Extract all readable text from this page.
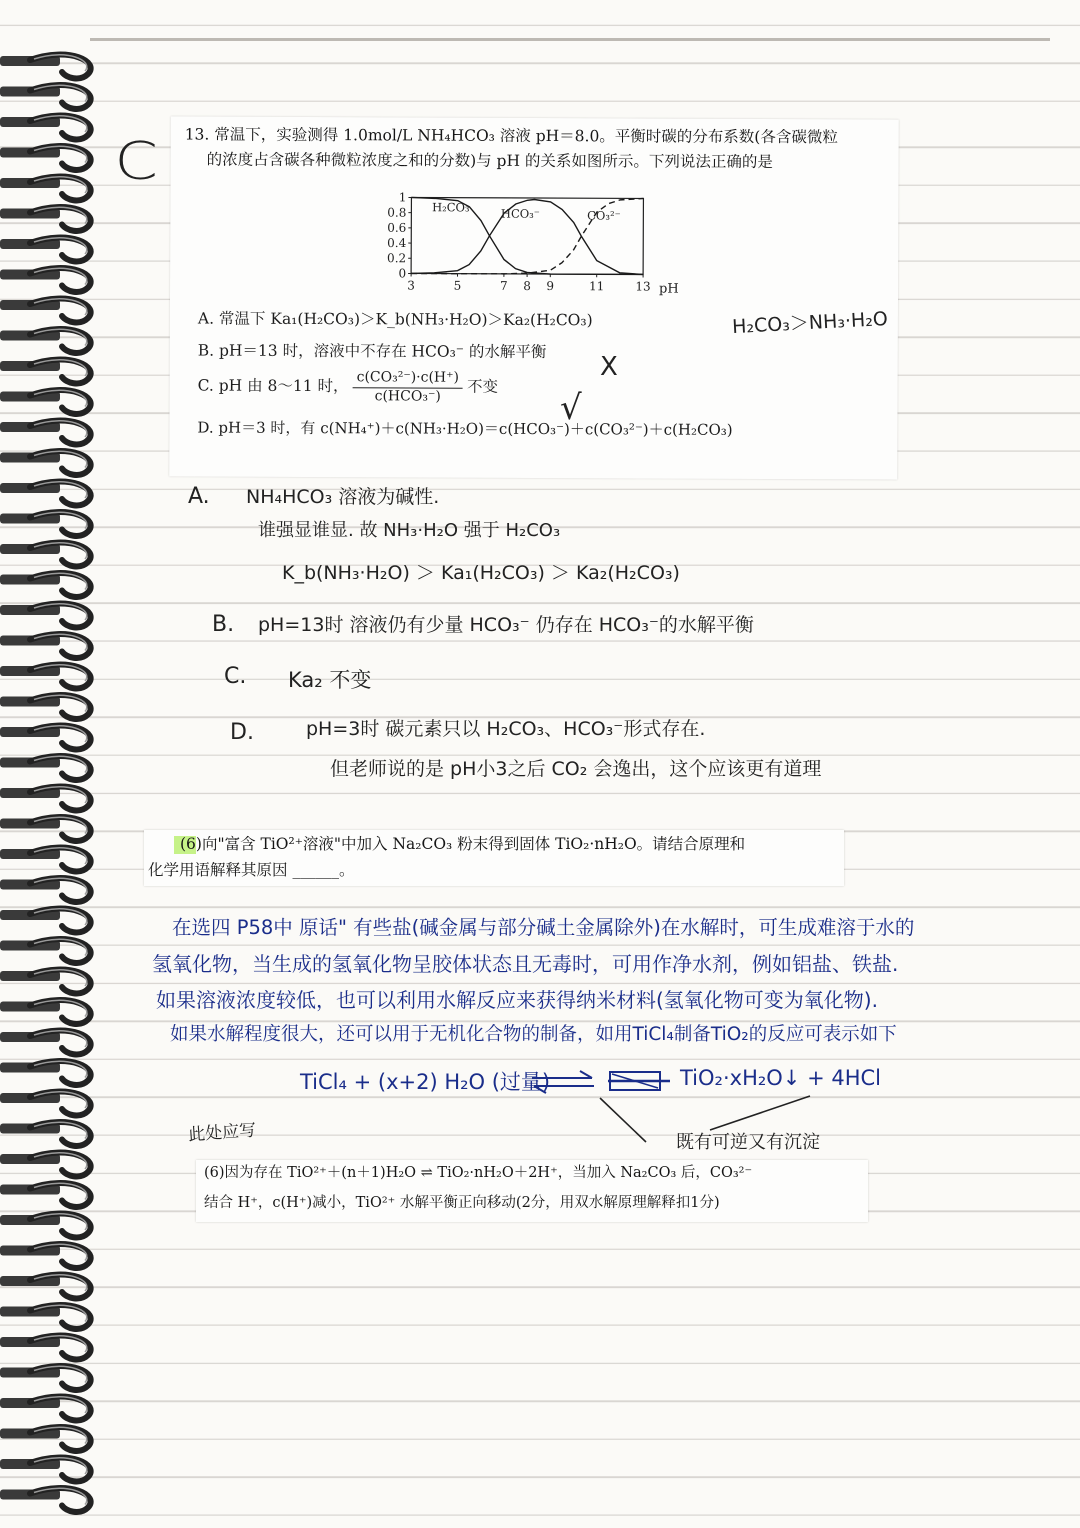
13. 常温下，实验测得 1.0mol/L NH₄HCO₃ 溶液 pH＝8.0。平衡时碳的分布系数(各含碳微粒
的浓度占含碳各种微粒浓度之和的分数)与 pH 的关系如图所示。下列说法正确的是
0
0.2
0.4
0.6
0.8
1
3	5	7 8 9	11	13 pH
H₂CO₃	HCO₃⁻	CO₃²⁻
A. 常温下 Ka₁(H₂CO₃)＞K_b(NH₃·H₂O)＞Ka₂(H₂CO₃)
B. pH＝13 时，溶液中不存在 HCO₃⁻ 的水解平衡
C. pH 由 8～11 时， $\frac{\text{c(CO₃²⁻)·c(H⁺)}}{\text{c(HCO₃⁻)}}$ 不变
D. pH＝3 时，有 c(NH₄⁺)＋c(NH₃·H₂O)＝c(HCO₃⁻)＋c(CO₃²⁻)＋c(H₂CO₃)
C
H₂CO₃＞NH₃·H₂O
X
√
A. NH₄HCO₃ 溶液为碱性.
谁强显谁显. 故 NH₃·H₂O 强于 H₂CO₃
K_b(NH₃·H₂O) ＞ Ka₁(H₂CO₃) ＞ Ka₂(H₂CO₃)
B. pH=13时 溶液仍有少量 HCO₃⁻ 仍存在 HCO₃⁻的水解平衡
C. Ka₂ 不变
D.	pH=3时 碳元素只以 H₂CO₃、HCO₃⁻形式存在.
但老师说的是 pH小3之后 CO₂ 会逸出，这个应该更有道理
(6)向"富含 TiO²⁺溶液"中加入 Na₂CO₃ 粉末得到固体 TiO₂·nH₂O。请结合原理和
化学用语解释其原因 ______。
在选四 P58中 原话" 有些盐(碱金属与部分碱土金属除外)在水解时，可生成难溶于水的
氢氧化物，当生成的氢氧化物呈胶体状态且无毒时，可用作净水剂，例如铝盐、铁盐.
如果溶液浓度较低，也可以利用水解反应来获得纳米材料(氢氧化物可变为氧化物).
如果水解程度很大，还可以用于无机化合物的制备，如用TiCl₄制备TiO₂的反应可表示如下
TiCl₄ + (x+2) H₂O (过量)	TiO₂·xH₂O↓ + 4HCl
此处应写	既有可逆又有沉淀
(6)因为存在 TiO²⁺＋(n＋1)H₂O ⇌ TiO₂·nH₂O＋2H⁺，当加入 Na₂CO₃ 后，CO₃²⁻
结合 H⁺，c(H⁺)减小，TiO²⁺ 水解平衡正向移动(2分，用双水解原理解释扣1分)
